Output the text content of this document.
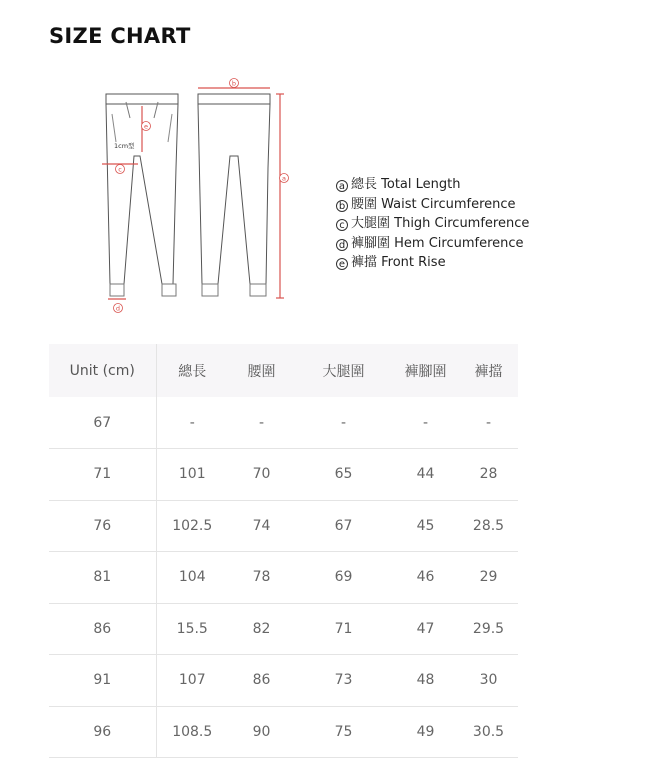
SIZE CHART
a
b
c
d
e
1cm型
a 總長 Total Length
b 腰圍 Waist Circumference
c 大腿圍 Thigh Circumference
d 褲腳圍 Hem Circumference
e 褲擋 Front Rise
Unit (cm)	總長	腰圍	大腿圍	褲腳圍	褲擋
67	-	-	-	-	-
71	101	70	65	44	28
76	102.5	74	67	45	28.5
81	104	78	69	46	29
86	15.5	82	71	47	29.5
91	107	86	73	48	30
96	108.5	90	75	49	30.5
